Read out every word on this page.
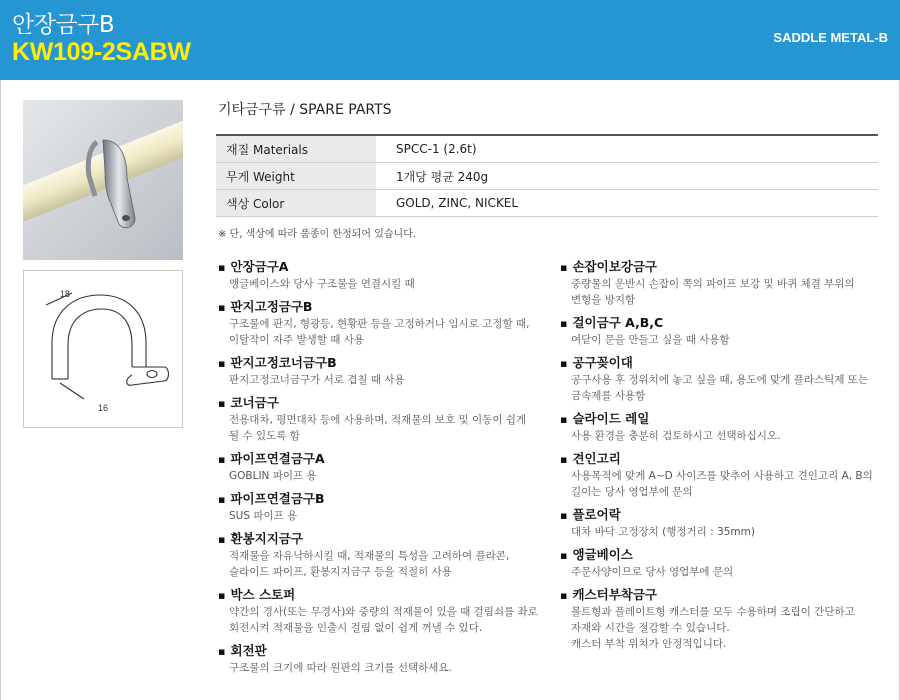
안장금구B
KW109-2SABW
SADDLE METAL-B
18
16
기타금구류 / SPARE PARTS
재질 Materials	SPCC-1 (2.6t)
무게 Weight	1개당 평균 240g
색상 Color	GOLD, ZINC, NICKEL
※ 단, 색상에 따라 품종이 한정되어 있습니다.
▪ 안장금구A
앵글베이스와 당사 구조물을 연결시킬 때
▪ 판지고정금구B
구조물에 판지, 형광등, 현황판 등을 고정하거나 임시로 고정할 때,
이탈작이 자주 발생할 때 사용
▪ 판지고정코너금구B
판지고정코너금구가 서로 겹칠 때 사용
▪ 코너금구
전용대차, 평면대차 등에 사용하며, 적재물의 보호 및 이동이 쉽게
될 수 있도록 함
▪ 파이프연결금구A
GOBLIN 파이프 용
▪ 파이프연결금구B
SUS 파이프 용
▪ 환봉지지금구
적재물을 자유낙하시킬 때, 적재물의 특성을 고려하여 플라콘,
슬라이드 파이프, 환봉지지금구 등을 적절히 사용
▪ 박스 스토퍼
약간의 경사(또는 무경사)와 중량의 적재물이 있을 때 걸림쇠를 좌로
회전시켜 적재물을 인출시 걸림 없이 쉽게 꺼낼 수 있다.
▪ 회전판
구조물의 크기에 따라 원판의 크기를 선택하세요.
▪ 손잡이보강금구
중량물의 운반시 손잡이 쪽의 파이프 보강 및 바퀴 체결 부위의
변형을 방지함
▪ 걸이금구 A,B,C
여닫이 문을 만들고 싶을 때 사용함
▪ 공구꽂이대
공구사용 후 정위치에 놓고 싶을 때, 용도에 맞게 플라스틱제 또는
금속제를 사용함
▪ 슬라이드 레일
사용 환경을 충분히 검토하시고 선택하십시오.
▪ 견인고리
사용목적에 맞게 A~D 사이즈를 맞추어 사용하고 견인고리 A, B의
길이는 당사 영업부에 문의
▪ 플로어락
대차 바닥 고정장치 (행정거리 : 35mm)
▪ 앵글베이스
주문사양이므로 당사 영업부에 문의
▪ 캐스터부착금구
볼트형과 플레이트형 캐스터를 모두 수용하며 조립이 간단하고
자재와 시간을 절감할 수 있습니다.
캐스터 부착 위치가 안정적입니다.
